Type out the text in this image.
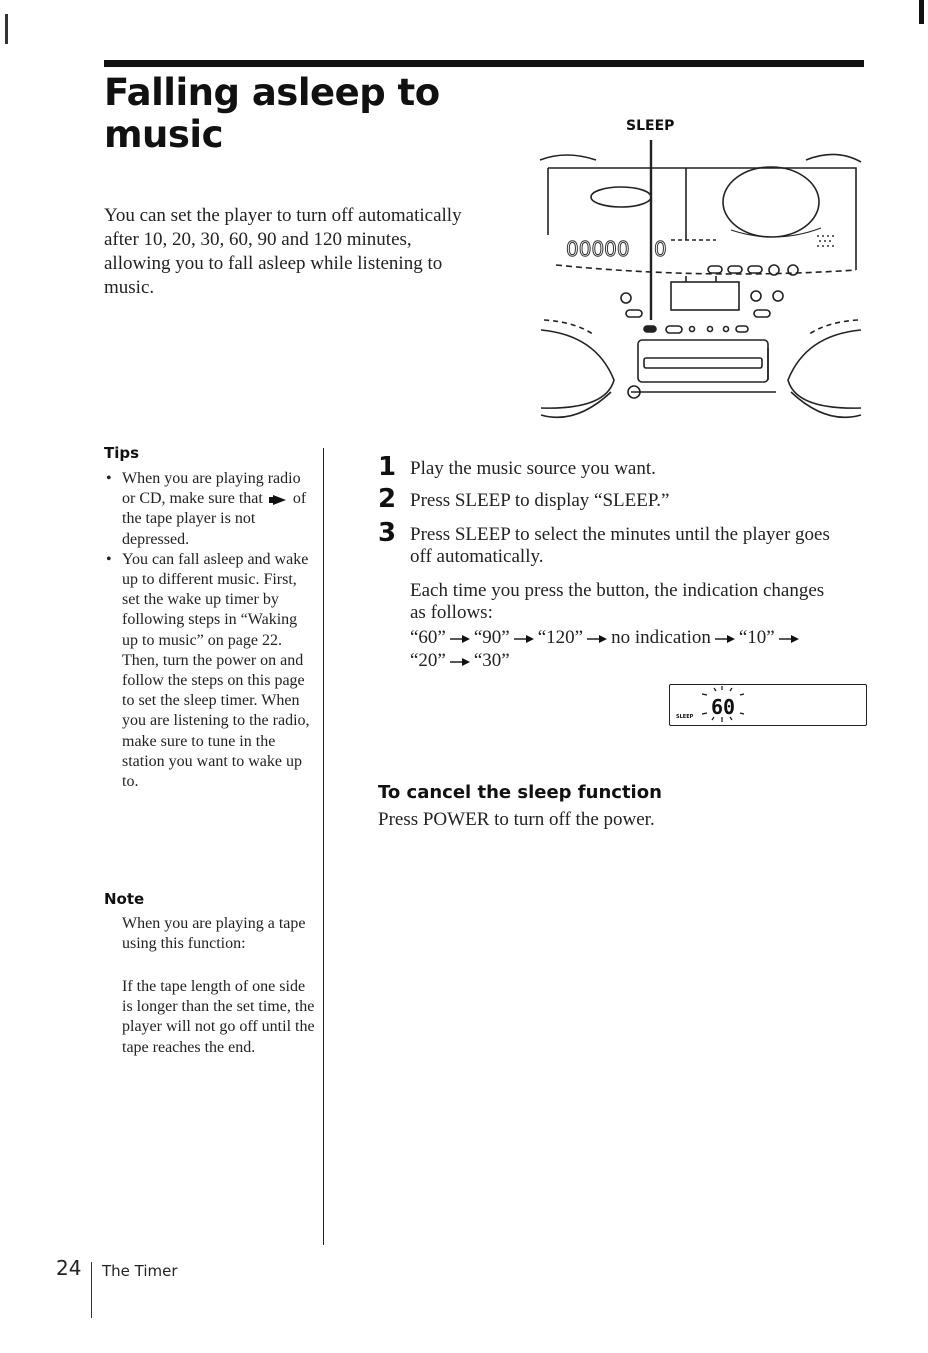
Falling asleep to
music
You can set the player to turn off automatically after 10, 20, 30, 60, 90 and 120 minutes, allowing you to fall asleep while listening to music.
SLEEP
00000 0
Tips
• When you are playing radio or CD, make sure that of the tape player is not depressed.
• You can fall asleep and wake up to different music. First, set the wake up timer by following steps in “Waking up to music” on page 22. Then, turn the power on and follow the steps on this page to set the sleep timer. When you are listening to the radio, make sure to tune in the station you want to wake up to.
Note

When you are playing a tape using this function:

If the tape length of one side is longer than the set time, the player will not go off until the tape reaches the end.

1 Play the music source you want.
2 Press SLEEP to display “SLEEP.”
3 Press SLEEP to select the minutes until the player goes off automatically.
Each time you press the button, the indication changes as follows:
“60” “90” “120” no indication “10”
“20” “30”
SLEEP 60
To cancel the sleep function
Press POWER to turn off the power.
24 The Timer
